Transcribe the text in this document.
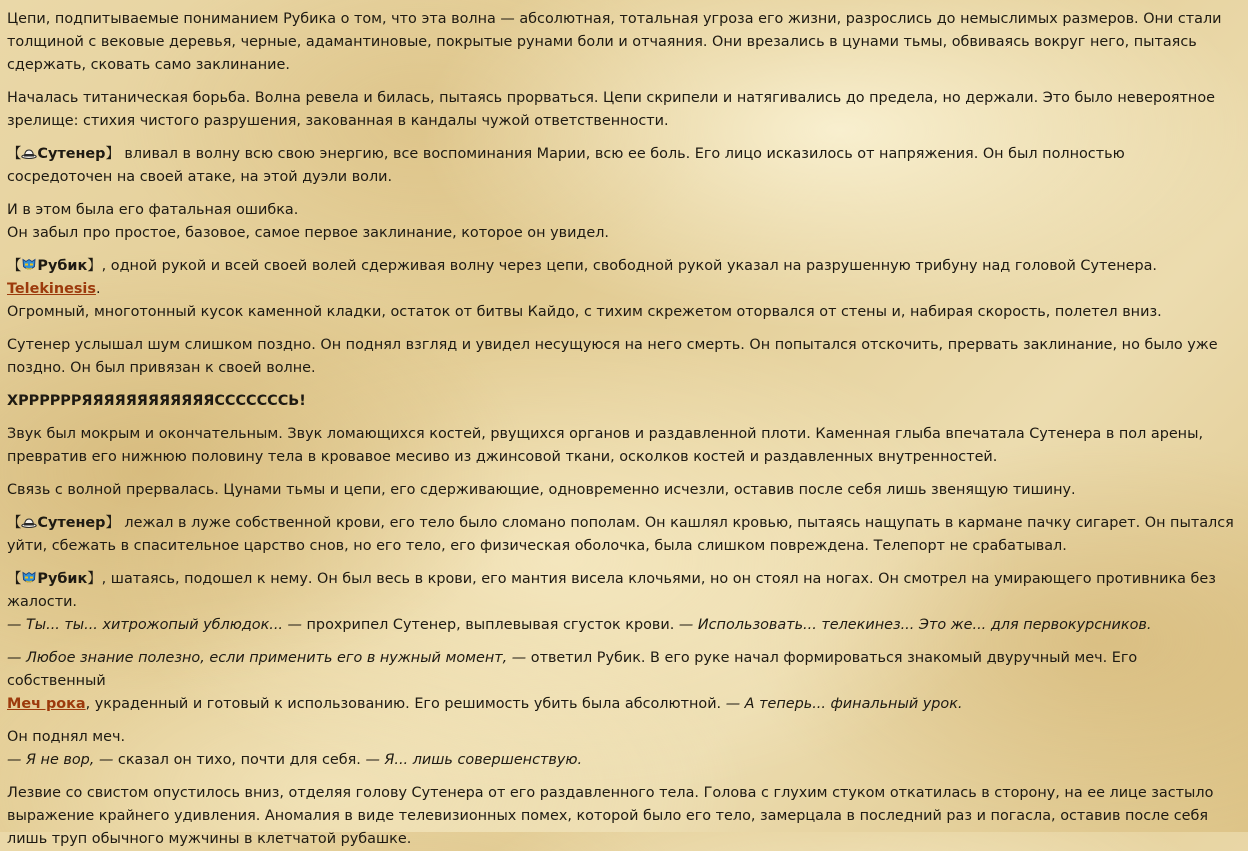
Цепи, подпитываемые пониманием Рубика о том, что эта волна — абсолютная, тотальная угроза его жизни, разрослись до немыслимых размеров. Они стали толщиной с вековые деревья, черные, адамантиновые, покрытые рунами боли и отчаяния. Они врезались в цунами тьмы, обвиваясь вокруг него, пытаясь сдержать, сковать само заклинание.

Началась титаническая борьба. Волна ревела и билась, пытаясь прорваться. Цепи скрипели и натягивались до предела, но держали. Это было невероятное зрелище: стихия чистого разрушения, закованная в кандалы чужой ответственности.

【 Сутенер】 вливал в волну всю свою энергию, все воспоминания Марии, всю ее боль. Его лицо исказилось от напряжения. Он был полностью сосредоточен на своей атаке, на этой дуэли воли.

И в этом была его фатальная ошибка.
Он забыл про простое, базовое, самое первое заклинание, которое он увидел.

【 Рубик】, одной рукой и всей своей волей сдерживая волну через цепи, свободной рукой указал на разрушенную трибуну над головой Сутенера.
Telekinesis.
Огромный, многотонный кусок каменной кладки, остаток от битвы Кайдо, с тихим скрежетом оторвался от стены и, набирая скорость, полетел вниз.

Сутенер услышал шум слишком поздно. Он поднял взгляд и увидел несущуюся на него смерть. Он попытался отскочить, прервать заклинание, но было уже поздно. Он был привязан к своей волне.

ХРРРРРРЯЯЯЯЯЯЯЯЯЯЯЯСССССССЬ!

Звук был мокрым и окончательным. Звук ломающихся костей, рвущихся органов и раздавленной плоти. Каменная глыба впечатала Сутенера в пол арены, превратив его нижнюю половину тела в кровавое месиво из джинсовой ткани, осколков костей и раздавленных внутренностей.

Связь с волной прервалась. Цунами тьмы и цепи, его сдерживающие, одновременно исчезли, оставив после себя лишь звенящую тишину.

【 Сутенер】 лежал в луже собственной крови, его тело было сломано пополам. Он кашлял кровью, пытаясь нащупать в кармане пачку сигарет. Он пытался уйти, сбежать в спасительное царство снов, но его тело, его физическая оболочка, была слишком повреждена. Телепорт не срабатывал.

【 Рубик】, шатаясь, подошел к нему. Он был весь в крови, его мантия висела клочьями, но он стоял на ногах. Он смотрел на умирающего противника без жалости.
— Ты... ты... хитрожопый ублюдок... — прохрипел Сутенер, выплевывая сгусток крови. — Использовать... телекинез... Это же... для первокурсников.

— Любое знание полезно, если применить его в нужный момент, — ответил Рубик. В его руке начал формироваться знакомый двуручный меч. Его собственный
Меч рока, украденный и готовый к использованию. Его решимость убить была абсолютной. — А теперь... финальный урок.

Он поднял меч.
— Я не вор, — сказал он тихо, почти для себя. — Я... лишь совершенствую.

Лезвие со свистом опустилось вниз, отделяя голову Сутенера от его раздавленного тела. Голова с глухим стуком откатилась в сторону, на ее лице застыло выражение крайнего удивления. Аномалия в виде телевизионных помех, которой было его тело, замерцала в последний раз и погасла, оставив после себя лишь труп обычного мужчины в клетчатой рубашке.
